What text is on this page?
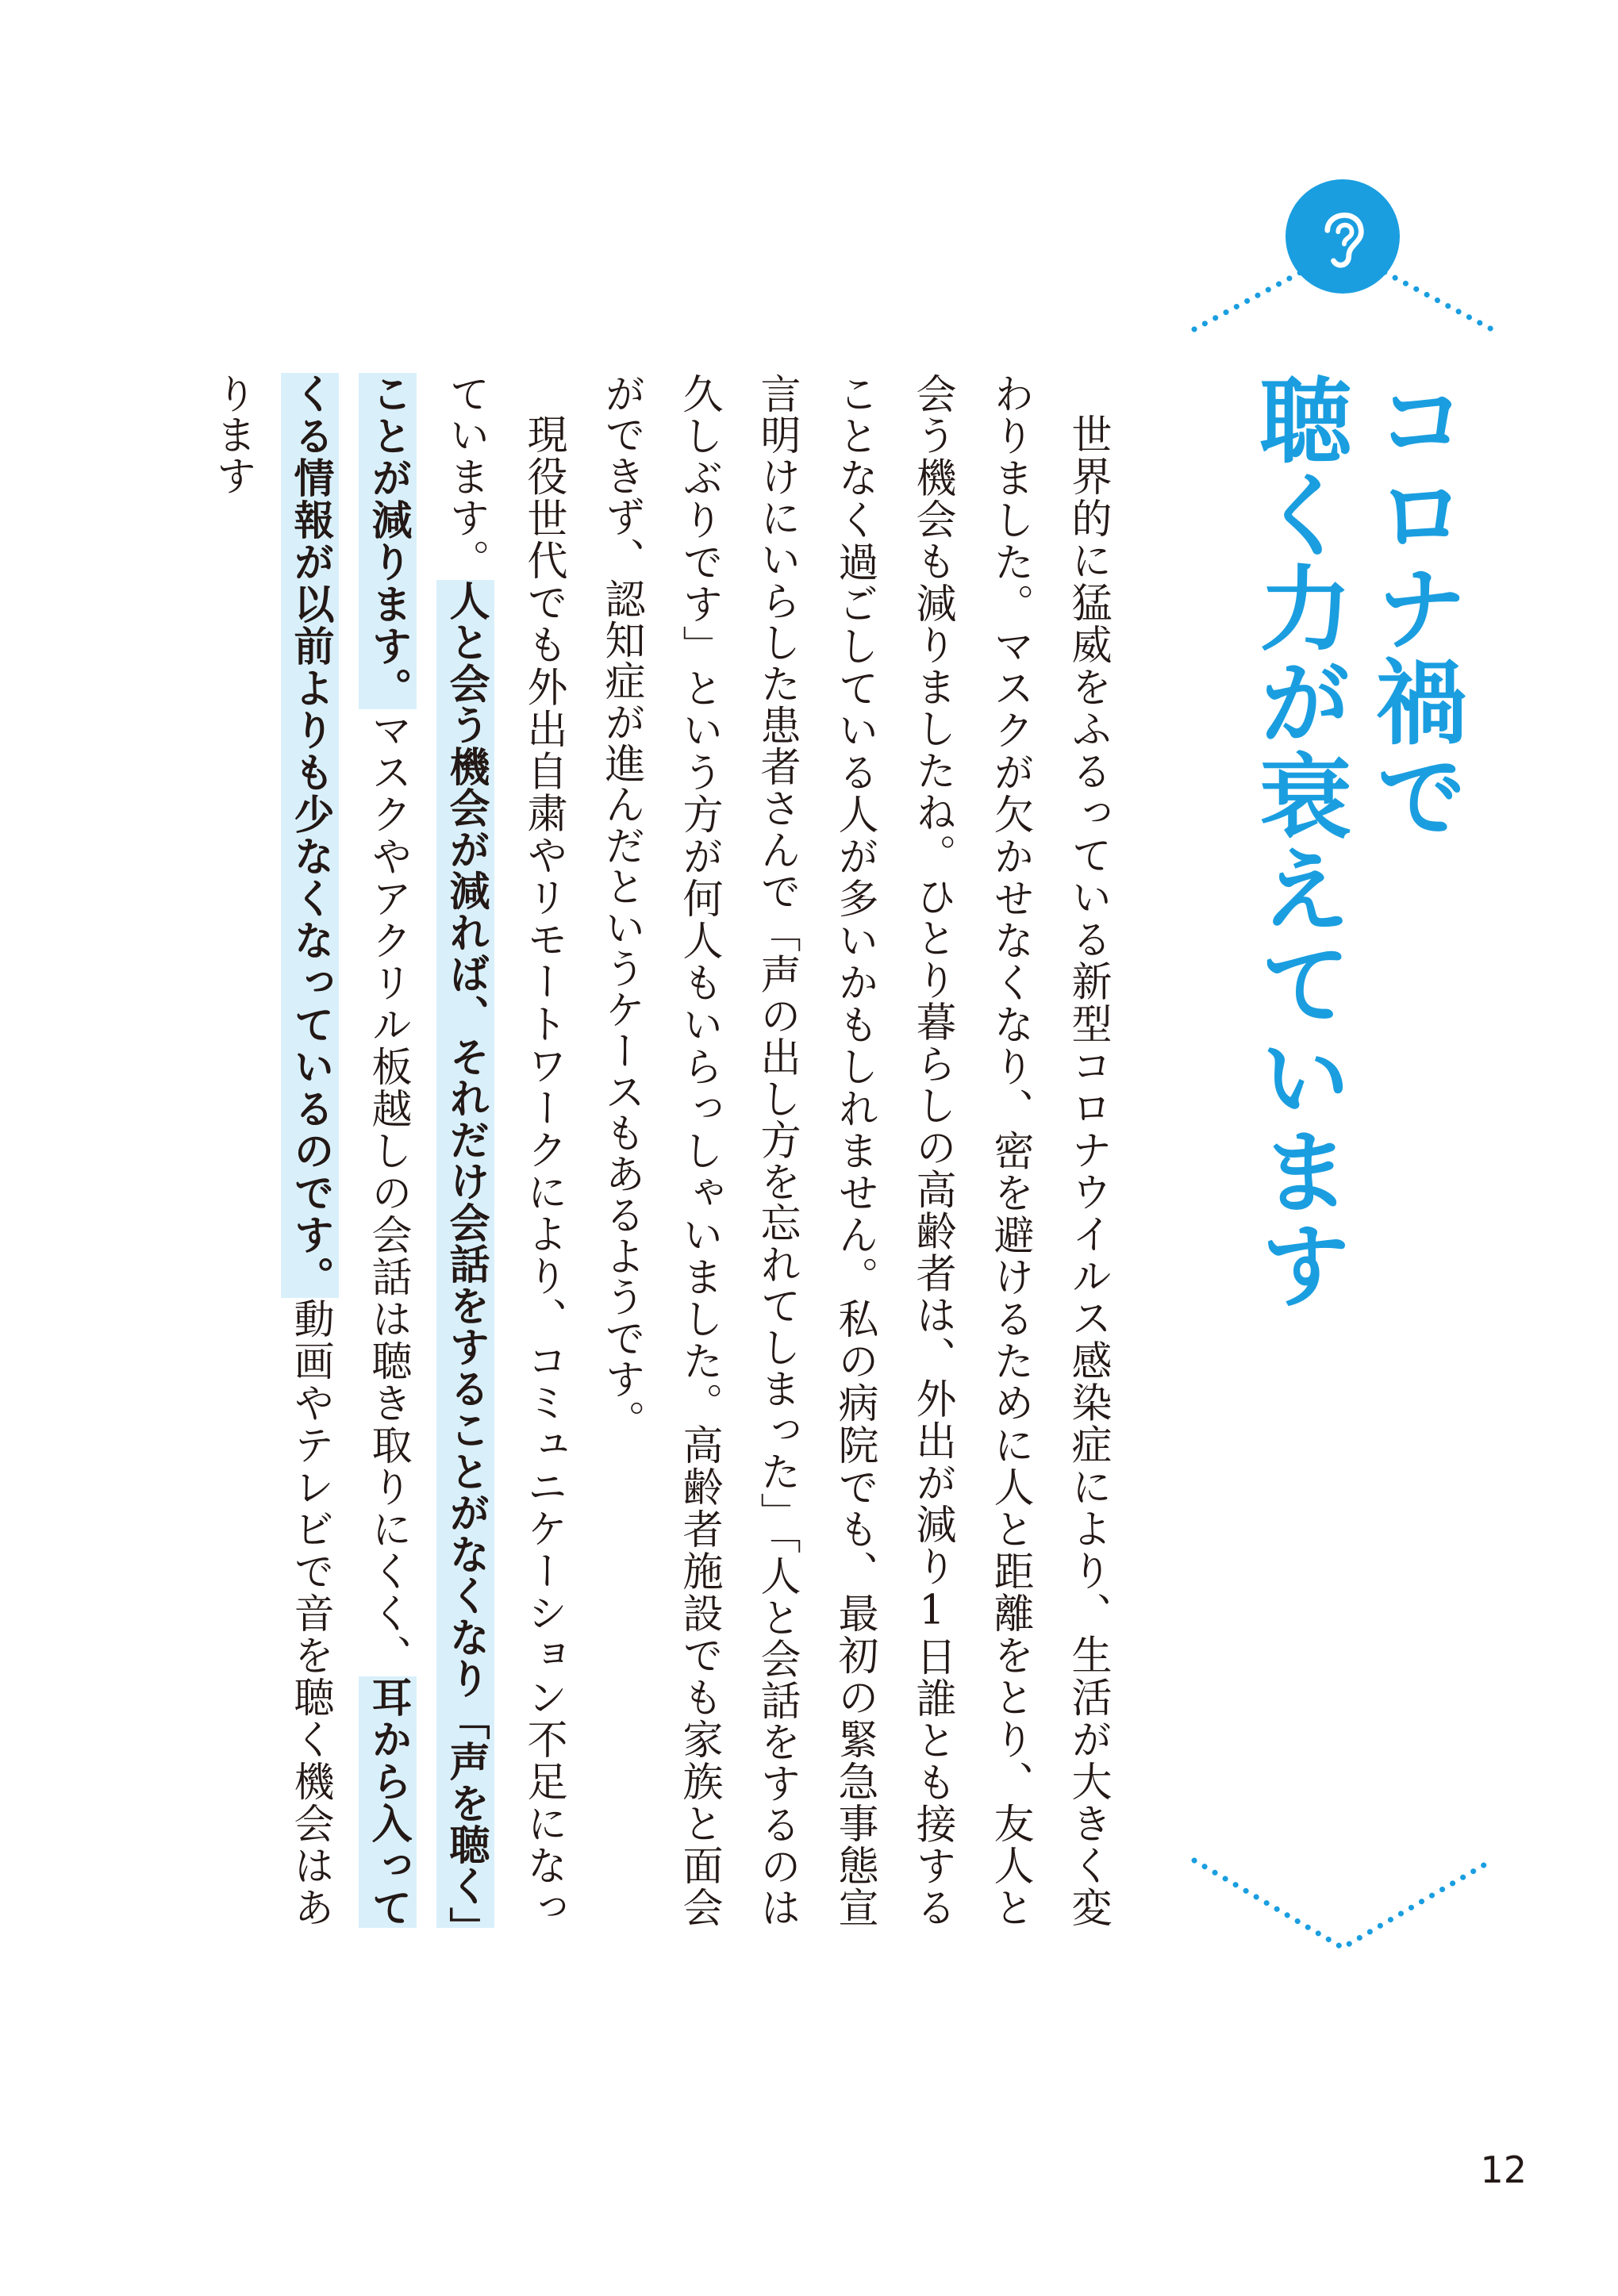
コロナ禍で
聴く力が衰えています

世界的に猛威をふるっている新型コロナウイルス感染症により、生活が大きく変わりました。マスクが欠かせなくなり、密を避けるために人と距離をとり、友人と会う機会も減りましたね。ひとり暮らしの高齢者は、外出が減り1日誰とも接することなく過ごしている人が多いかもしれません。私の病院でも、最初の緊急事態宣言明けにいらした患者さんで「声の出し方を忘れてしまった」「人と会話をするのは久しぶりです」という方が何人もいらっしゃいました。高齢者施設でも家族と面会ができず、認知症が進んだというケースもあるようです。

現役世代でも外出自粛やリモートワークにより、コミュニケーション不足になっています。人と会う機会が減れば、それだけ会話をすることがなくなり「声を聴く」ことが減ります。マスクやアクリル板越しの会話は聴き取りにくく、耳から入ってくる情報が以前よりも少なくなっているのです。動画やテレビで音を聴く機会はあります

12
